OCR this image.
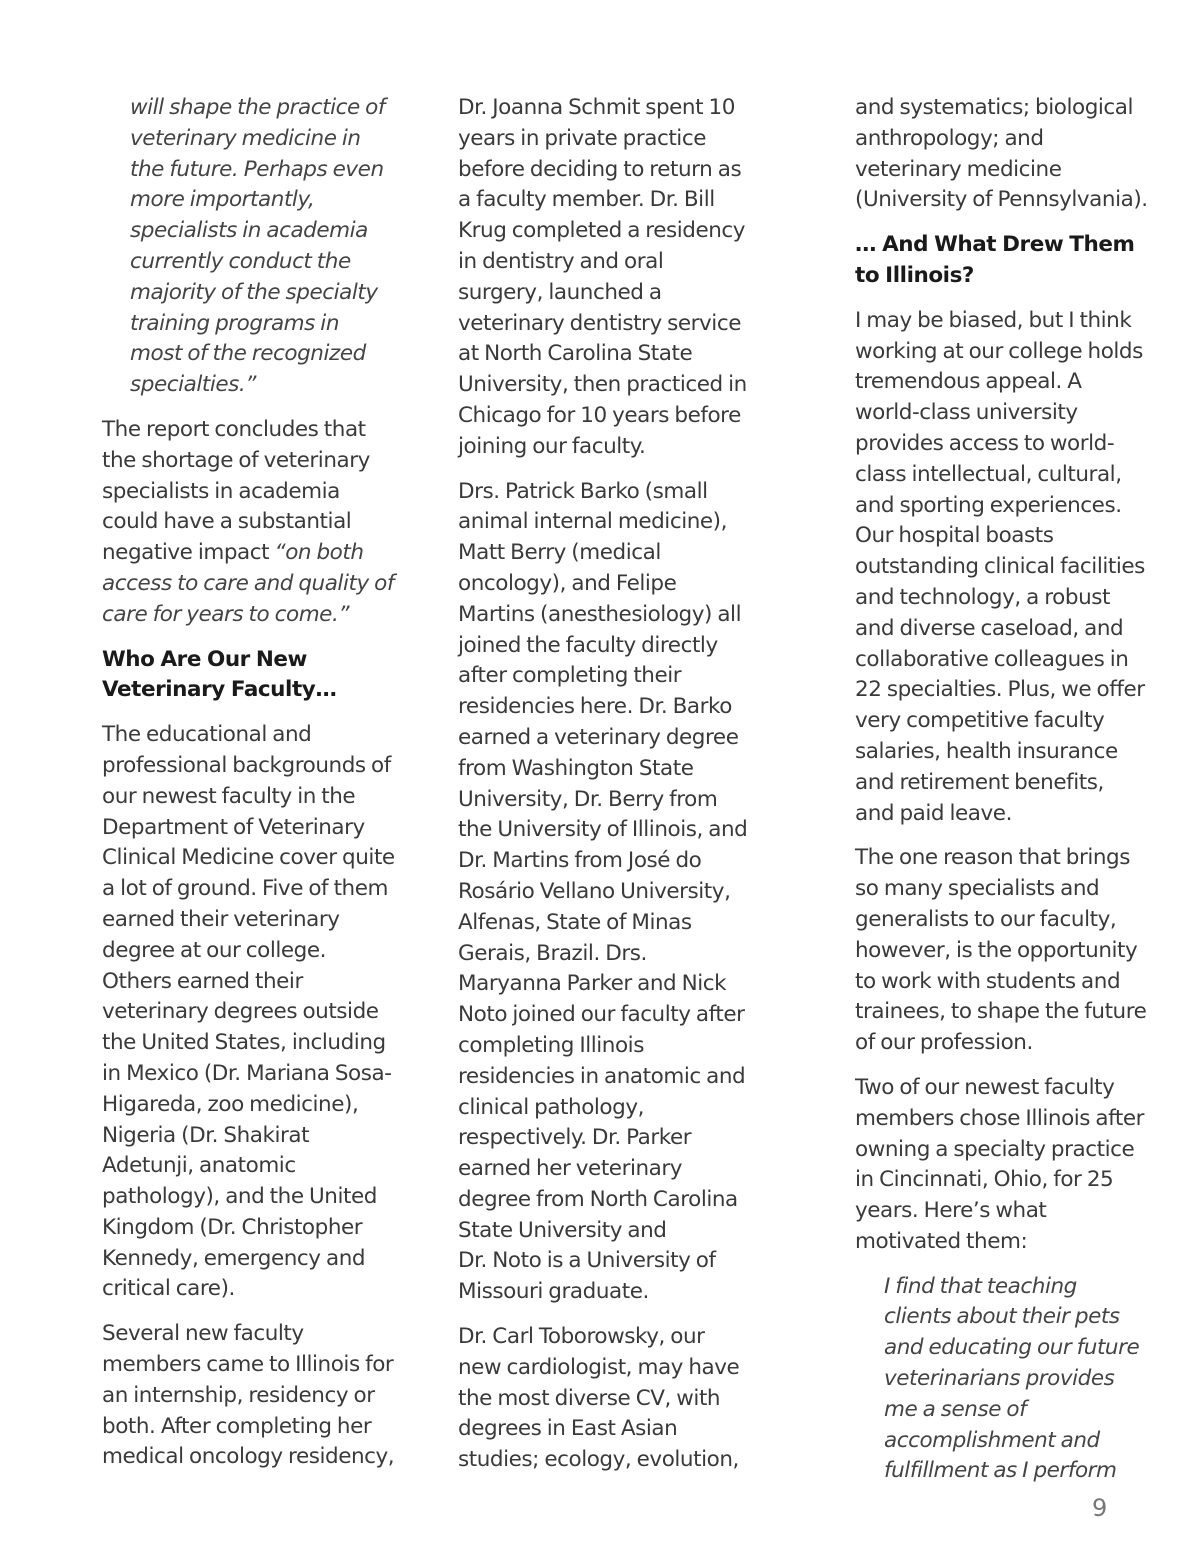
will shape the practice of
veterinary medicine in
the future. Perhaps even
more importantly,
specialists in academia
currently conduct the
majority of the specialty
training programs in
most of the recognized
specialties.”
The report concludes that
the shortage of veterinary
specialists in academia
could have a substantial
negative impact “on both
access to care and quality of
care for years to come.”
Who Are Our New
Veterinary Faculty…
The educational and
professional backgrounds of
our newest faculty in the
Department of Veterinary
Clinical Medicine cover quite
a lot of ground. Five of them
earned their veterinary
degree at our college.
Others earned their
veterinary degrees outside
the United States, including
in Mexico (Dr. Mariana Sosa-
Higareda, zoo medicine),
Nigeria (Dr. Shakirat
Adetunji, anatomic
pathology), and the United
Kingdom (Dr. Christopher
Kennedy, emergency and
critical care).
Several new faculty
members came to Illinois for
an internship, residency or
both. After completing her
medical oncology residency,
Dr. Joanna Schmit spent 10
years in private practice
before deciding to return as
a faculty member. Dr. Bill
Krug completed a residency
in dentistry and oral
surgery, launched a
veterinary dentistry service
at North Carolina State
University, then practiced in
Chicago for 10 years before
joining our faculty.
Drs. Patrick Barko (small
animal internal medicine),
Matt Berry (medical
oncology), and Felipe
Martins (anesthesiology) all
joined the faculty directly
after completing their
residencies here. Dr. Barko
earned a veterinary degree
from Washington State
University, Dr. Berry from
the University of Illinois, and
Dr. Martins from José do
Rosário Vellano University,
Alfenas, State of Minas
Gerais, Brazil. Drs.
Maryanna Parker and Nick
Noto joined our faculty after
completing Illinois
residencies in anatomic and
clinical pathology,
respectively. Dr. Parker
earned her veterinary
degree from North Carolina
State University and
Dr. Noto is a University of
Missouri graduate.
Dr. Carl Toborowsky, our
new cardiologist, may have
the most diverse CV, with
degrees in East Asian
studies; ecology, evolution,
and systematics; biological
anthropology; and
veterinary medicine
(University of Pennsylvania).
… And What Drew Them
to Illinois?
I may be biased, but I think
working at our college holds
tremendous appeal. A
world-class university
provides access to world-
class intellectual, cultural,
and sporting experiences.
Our hospital boasts
outstanding clinical facilities
and technology, a robust
and diverse caseload, and
collaborative colleagues in
22 specialties. Plus, we offer
very competitive faculty
salaries, health insurance
and retirement benefits,
and paid leave.
The one reason that brings
so many specialists and
generalists to our faculty,
however, is the opportunity
to work with students and
trainees, to shape the future
of our profession.
Two of our newest faculty
members chose Illinois after
owning a specialty practice
in Cincinnati, Ohio, for 25
years. Here’s what
motivated them:
I find that teaching
clients about their pets
and educating our future
veterinarians provides
me a sense of
accomplishment and
fulfillment as I perform
9
